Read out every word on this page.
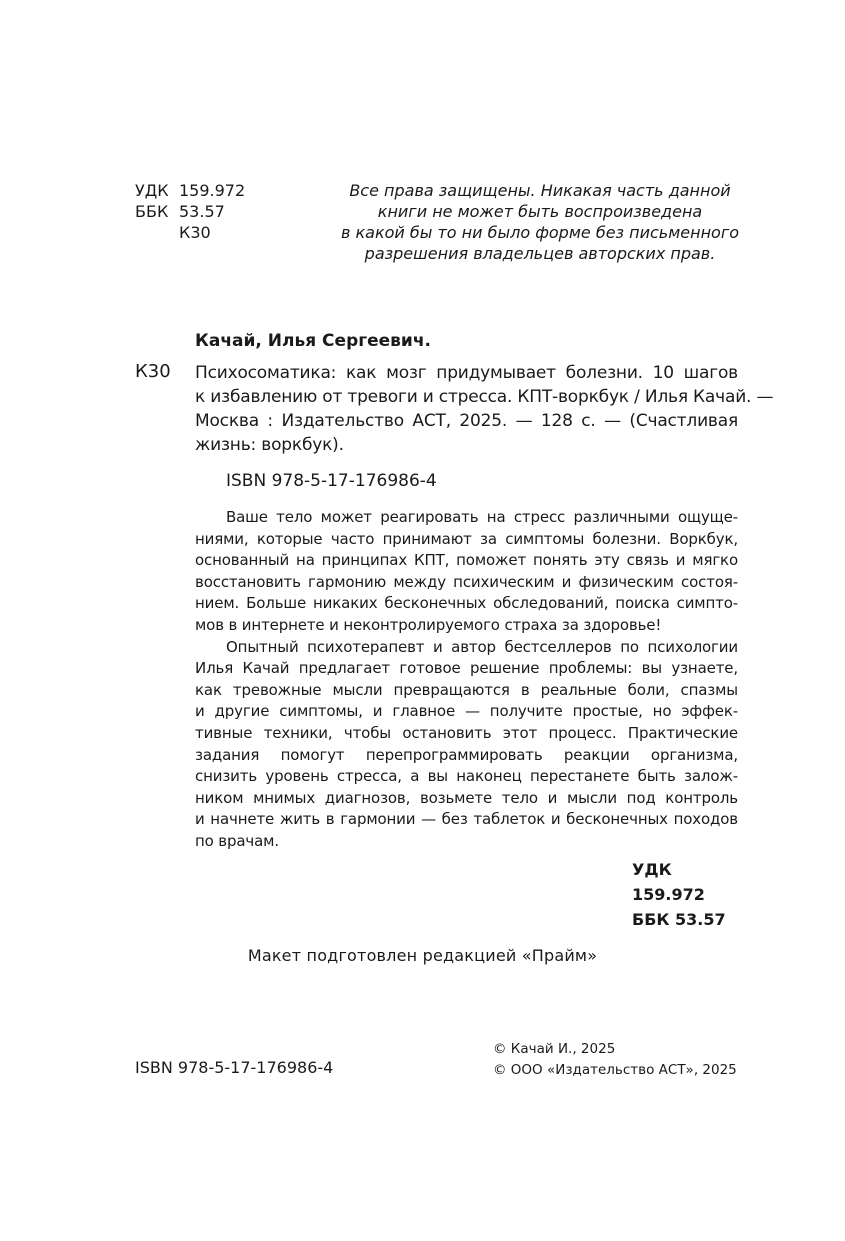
УДК 159.972
ББК 53.57
К30
Все права защищены. Никакая часть данной
книги не может быть воспроизведена
в какой бы то ни было форме без письменного
разрешения владельцев авторских прав.
Качай, Илья Сергеевич.
К30 Психосоматика: как мозг придумывает болезни. 10 шагов
к избавлению от тревоги и стресса. КПТ-воркбук / Илья Качай. —
Москва : Издательство АСТ, 2025. — 128 с. — (Счастливая
жизнь: воркбук).
ISBN 978-5-17-176986-4
Ваше тело может реагировать на стресс различными ощуще-
ниями, которые часто принимают за симптомы болезни. Воркбук,
основанный на принципах КПТ, поможет понять эту связь и мягко
восстановить гармонию между психическим и физическим состоя-
нием. Больше никаких бесконечных обследований, поиска симпто-
мов в интернете и неконтролируемого страха за здоровье!
Опытный психотерапевт и автор бестселлеров по психологии
Илья Качай предлагает готовое решение проблемы: вы узнаете,
как тревожные мысли превращаются в реальные боли, спазмы
и другие симптомы, и главное — получите простые, но эффек-
тивные техники, чтобы остановить этот процесс. Практические
задания помогут перепрограммировать реакции организма,
снизить уровень стресса, а вы наконец перестанете быть залож-
ником мнимых диагнозов, возьмете тело и мысли под контроль
и начнете жить в гармонии — без таблеток и бесконечных походов
по врачам.
УДК 159.972
ББК 53.57
Макет подготовлен редакцией «Прайм»
ISBN 978-5-17-176986-4
© Качай И., 2025
© ООО «Издательство АСТ», 2025
